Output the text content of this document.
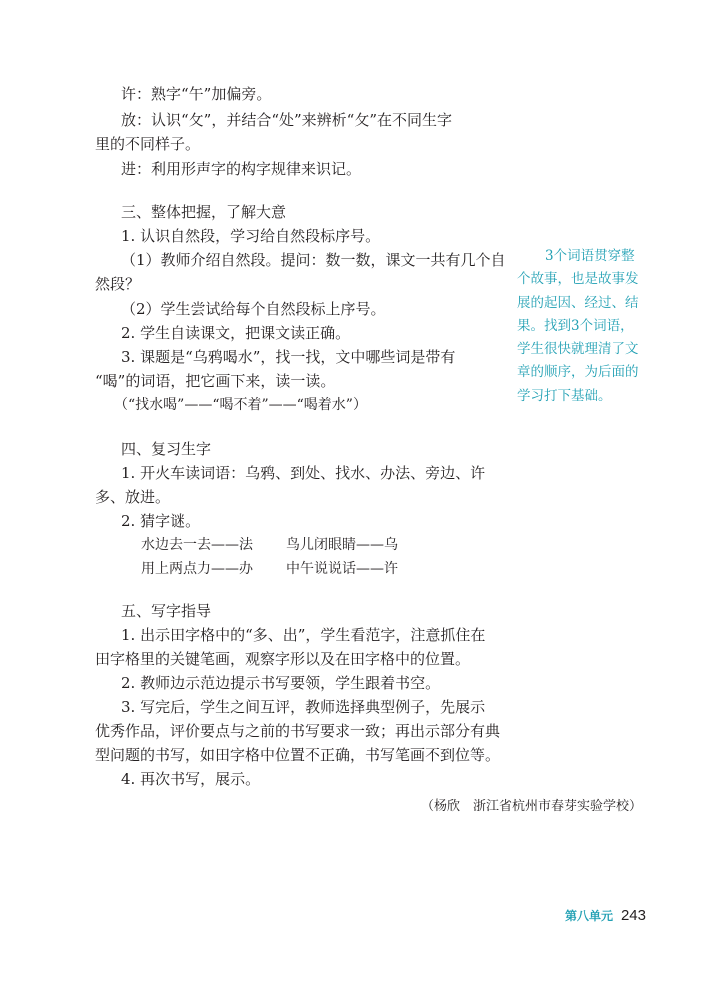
许：熟字“午”加偏旁。
放：认识“攵”，并结合“处”来辨析“攵”在不同生字
里的不同样子。
进：利用形声字的构字规律来识记。
三、整体把握，了解大意
1. 认识自然段，学习给自然段标序号。
（1）教师介绍自然段。提问：数一数，课文一共有几个自
然段？
（2）学生尝试给每个自然段标上序号。
2. 学生自读课文，把课文读正确。
3. 课题是“乌鸦喝水”，找一找，文中哪些词是带有
“喝”的词语，把它画下来，读一读。
（“找水喝”——“喝不着”——“喝着水”）
四、复习生字
1. 开火车读词语：乌鸦、到处、找水、办法、旁边、许
多、放进。
2. 猜字谜。
水边去一去——法 鸟儿闭眼睛——乌
用上两点力——办 中午说说话——许
五、写字指导
1. 出示田字格中的“多、出”，学生看范字，注意抓住在
田字格里的关键笔画，观察字形以及在田字格中的位置。
2. 教师边示范边提示书写要领，学生跟着书空。
3. 写完后，学生之间互评，教师选择典型例子，先展示
优秀作品，评价要点与之前的书写要求一致；再出示部分有典
型问题的书写，如田字格中位置不正确，书写笔画不到位等。
4. 再次书写，展示。

3个词语贯穿整

个故事，也是故事发

展的起因、经过、结

果。找到3个词语，

学生很快就理清了文

章的顺序，为后面的

学习打下基础。

（杨欣　浙江省杭州市春芽实验学校）
第八单元 243
